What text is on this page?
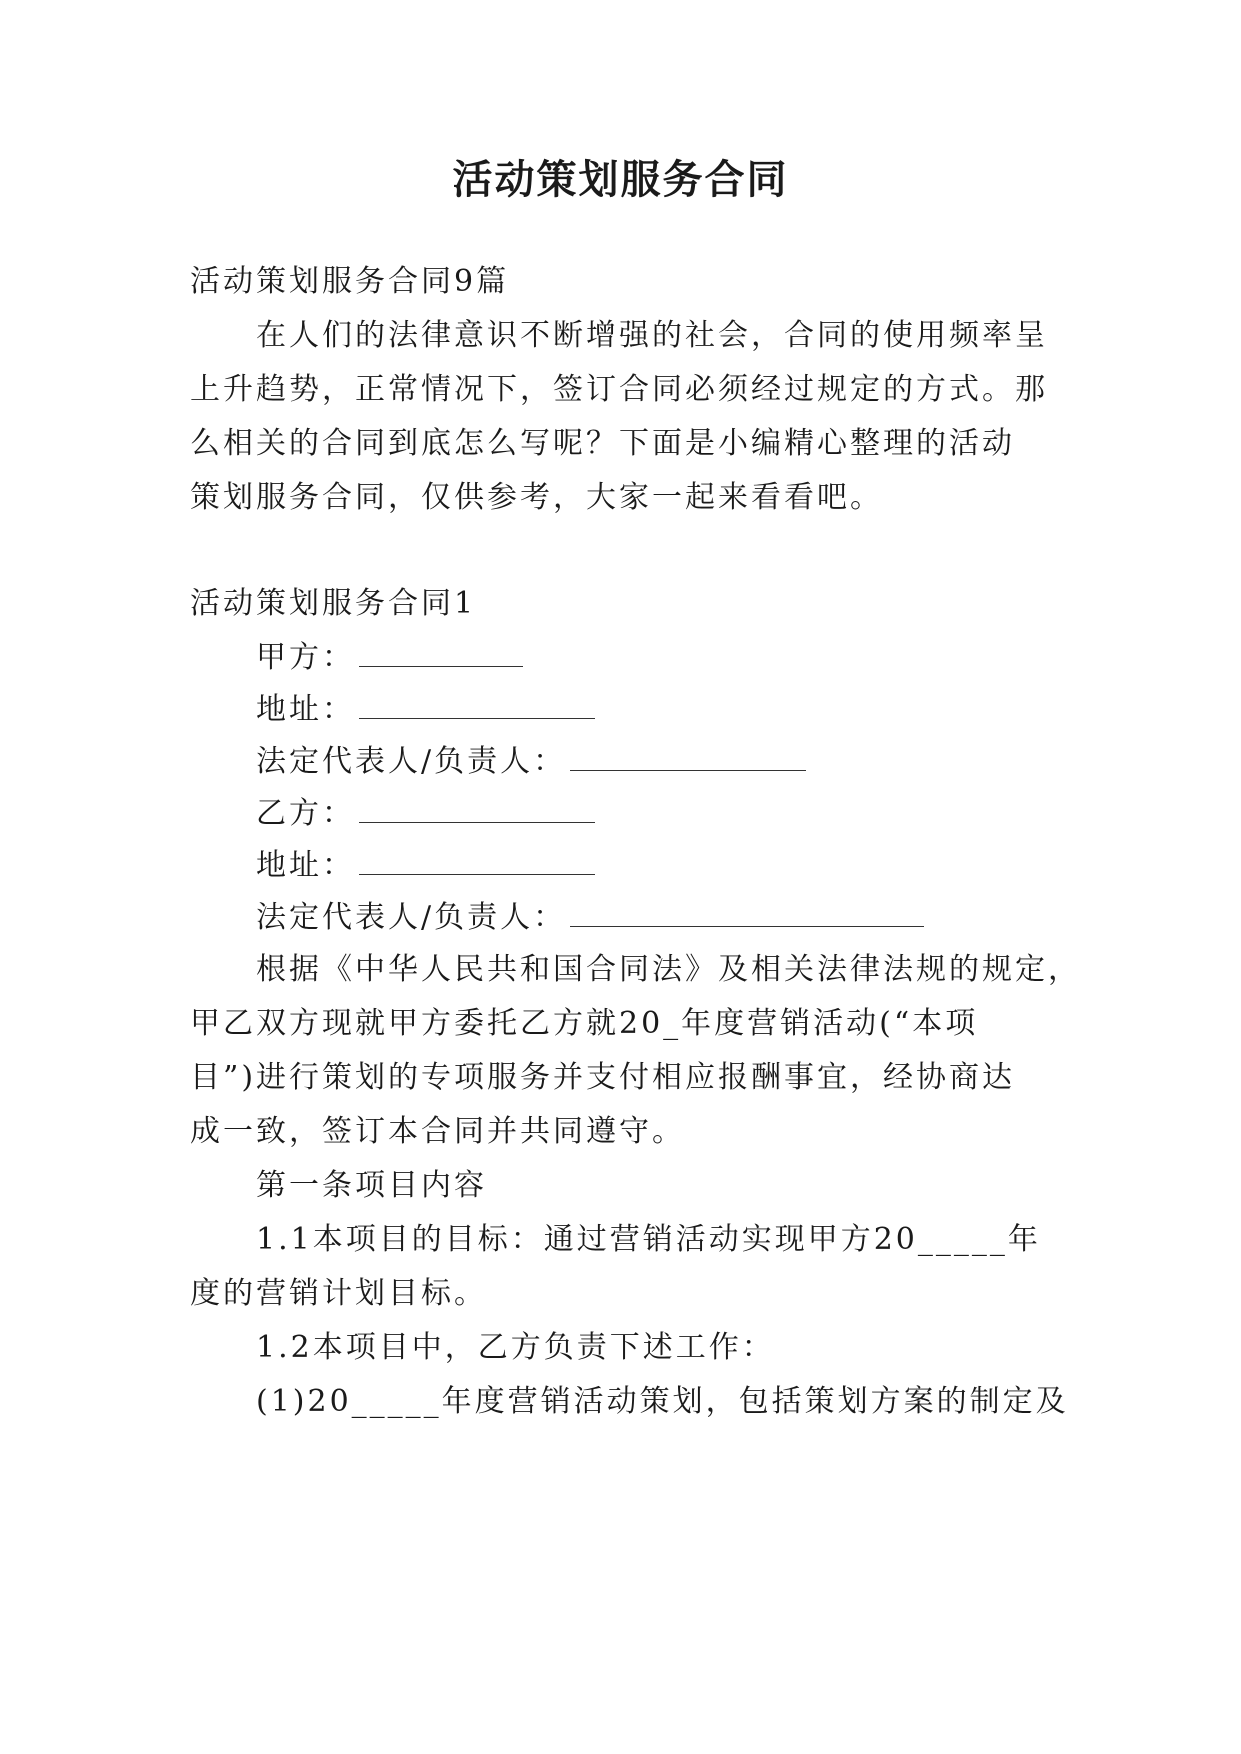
活动策划服务合同
活动策划服务合同9篇
在人们的法律意识不断增强的社会，合同的使用频率呈
上升趋势，正常情况下，签订合同必须经过规定的方式。那
么相关的合同到底怎么写呢？下面是小编精心整理的活动
策划服务合同，仅供参考，大家一起来看看吧。
活动策划服务合同1
甲方：
地址：
法定代表人/负责人：
乙方：
地址：
法定代表人/负责人：
根据《中华人民共和国合同法》及相关法律法规的规定，
甲乙双方现就甲方委托乙方就20_年度营销活动(“本项
目”)进行策划的专项服务并支付相应报酬事宜，经协商达
成一致，签订本合同并共同遵守。
第一条项目内容
1.1本项目的目标：通过营销活动实现甲方20_____年
度的营销计划目标。
1.2本项目中，乙方负责下述工作：
(1)20_____年度营销活动策划，包括策划方案的制定及
